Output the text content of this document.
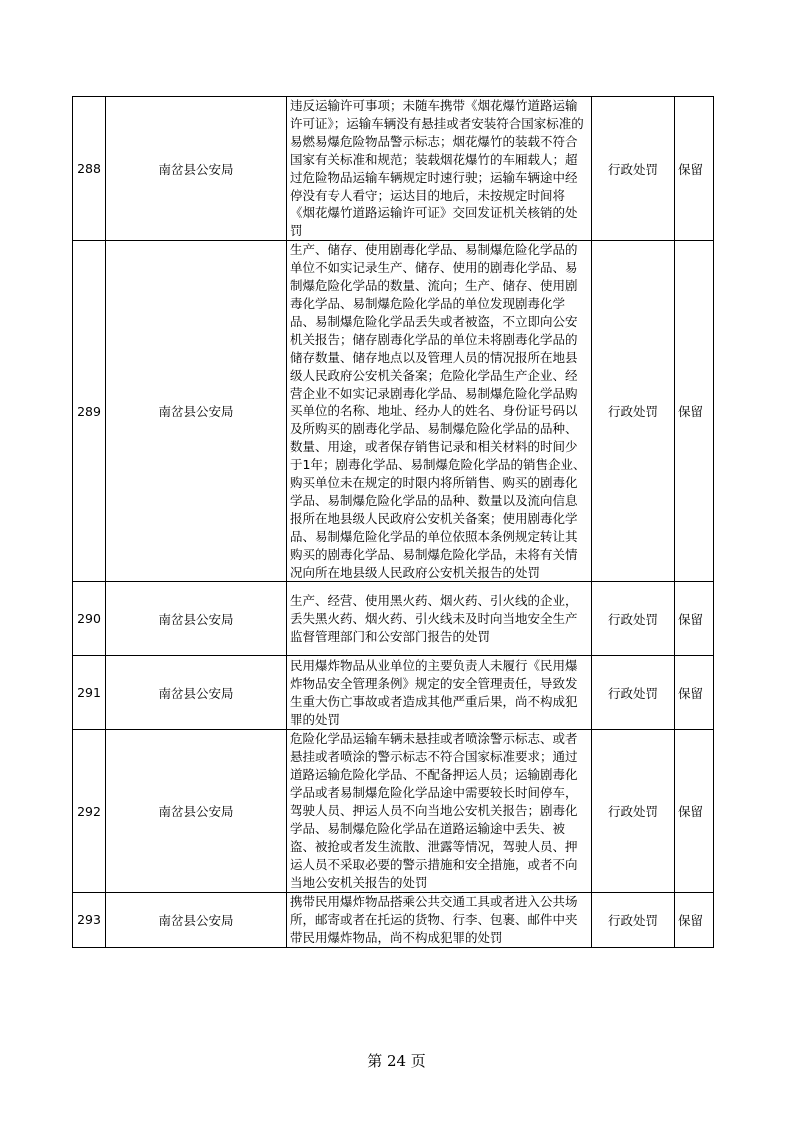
288	南岔县公安局	违反运输许可事项；未随车携带《烟花爆竹道路运输许可证》；运输车辆没有悬挂或者安装符合国家标准的易燃易爆危险物品警示标志；烟花爆竹的装载不符合国家有关标准和规范；装载烟花爆竹的车厢载人；超过危险物品运输车辆规定时速行驶；运输车辆途中经停没有专人看守；运达目的地后，未按规定时间将《烟花爆竹道路运输许可证》交回发证机关核销的处罚	行政处罚	保留
289	南岔县公安局	生产、储存、使用剧毒化学品、易制爆危险化学品的单位不如实记录生产、储存、使用的剧毒化学品、易制爆危险化学品的数量、流向；生产、储存、使用剧毒化学品、易制爆危险化学品的单位发现剧毒化学品、易制爆危险化学品丢失或者被盗，不立即向公安机关报告；储存剧毒化学品的单位未将剧毒化学品的储存数量、储存地点以及管理人员的情况报所在地县级人民政府公安机关备案；危险化学品生产企业、经营企业不如实记录剧毒化学品、易制爆危险化学品购买单位的名称、地址、经办人的姓名、身份证号码以及所购买的剧毒化学品、易制爆危险化学品的品种、数量、用途，或者保存销售记录和相关材料的时间少于1年；剧毒化学品、易制爆危险化学品的销售企业、购买单位未在规定的时限内将所销售、购买的剧毒化学品、易制爆危险化学品的品种、数量以及流向信息报所在地县级人民政府公安机关备案；使用剧毒化学品、易制爆危险化学品的单位依照本条例规定转让其购买的剧毒化学品、易制爆危险化学品，未将有关情况向所在地县级人民政府公安机关报告的处罚	行政处罚	保留
290	南岔县公安局	生产、经营、使用黑火药、烟火药、引火线的企业，丢失黑火药、烟火药、引火线未及时向当地安全生产监督管理部门和公安部门报告的处罚	行政处罚	保留
291	南岔县公安局	民用爆炸物品从业单位的主要负责人未履行《民用爆炸物品安全管理条例》规定的安全管理责任，导致发生重大伤亡事故或者造成其他严重后果，尚不构成犯罪的处罚	行政处罚	保留
292	南岔县公安局	危险化学品运输车辆未悬挂或者喷涂警示标志、或者悬挂或者喷涂的警示标志不符合国家标准要求；通过道路运输危险化学品、不配备押运人员；运输剧毒化学品或者易制爆危险化学品途中需要较长时间停车，驾驶人员、押运人员不向当地公安机关报告；剧毒化学品、易制爆危险化学品在道路运输途中丢失、被盗、被抢或者发生流散、泄露等情况，驾驶人员、押运人员不采取必要的警示措施和安全措施，或者不向当地公安机关报告的处罚	行政处罚	保留
293	南岔县公安局	携带民用爆炸物品搭乘公共交通工具或者进入公共场所，邮寄或者在托运的货物、行李、包裹、邮件中夹带民用爆炸物品，尚不构成犯罪的处罚	行政处罚	保留
第 24 页
